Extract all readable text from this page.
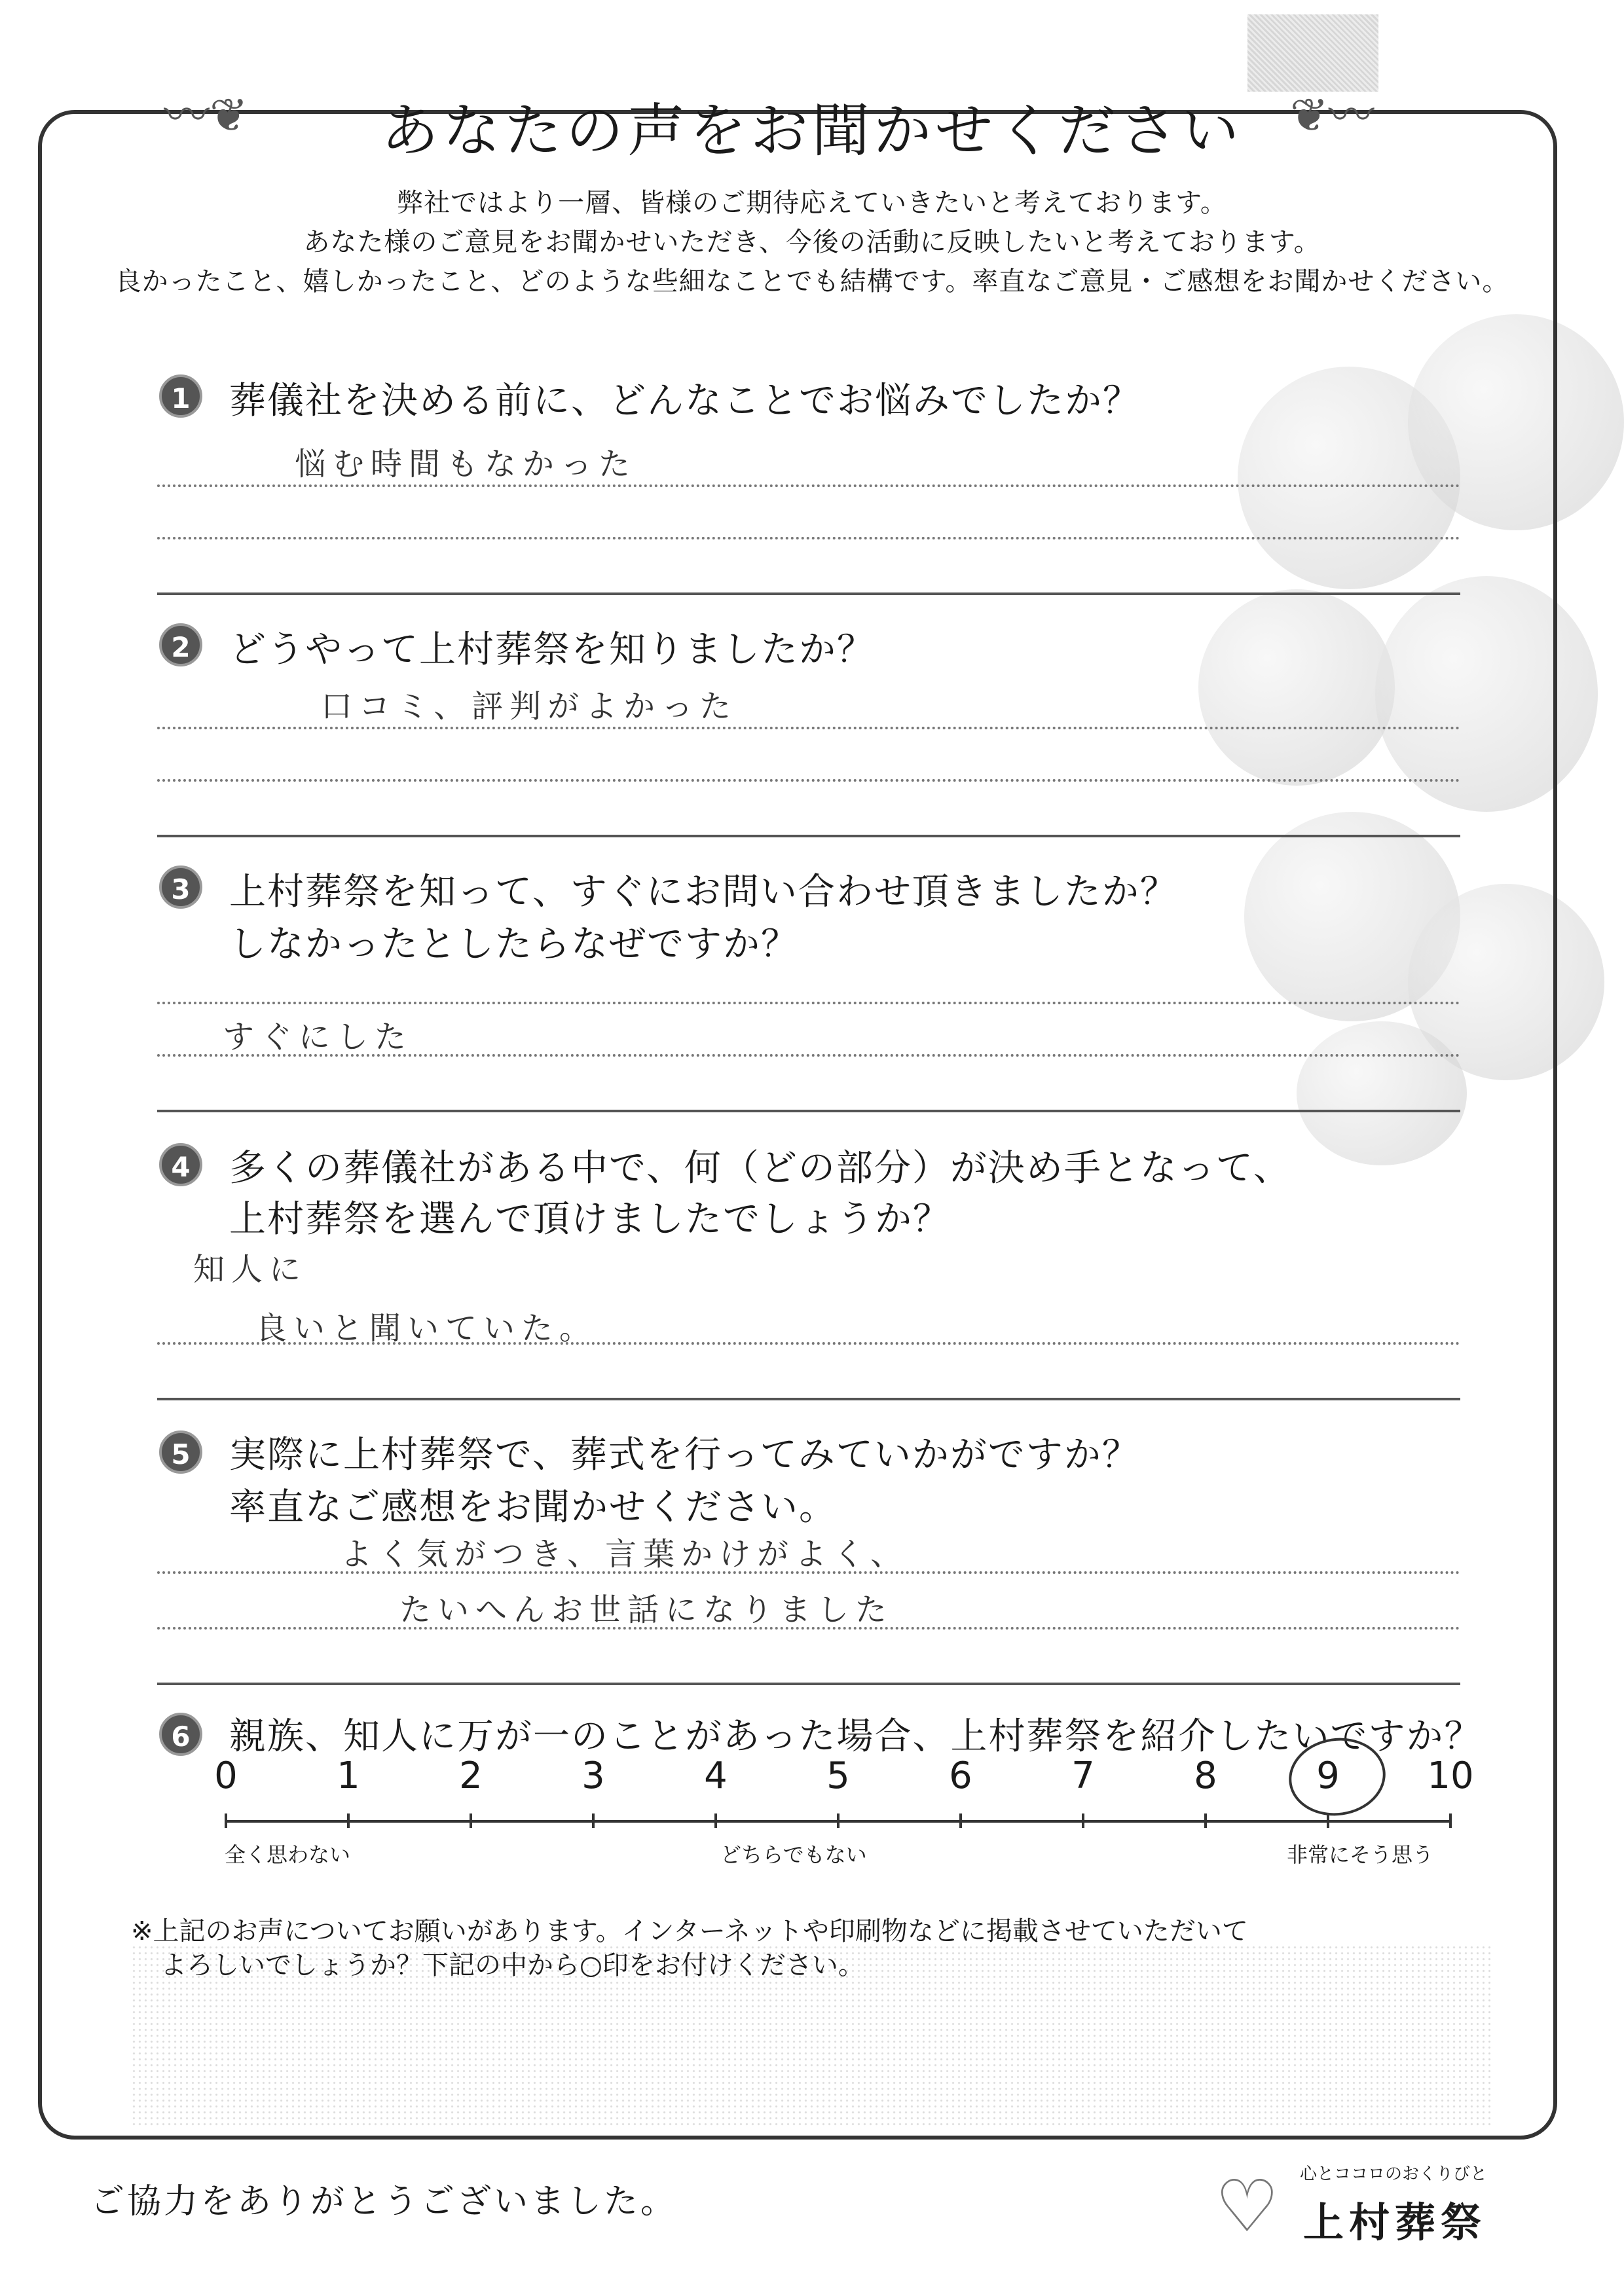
〰❦	❦〰
あなたの声をお聞かせください
弊社ではより一層、皆様のご期待応えていきたいと考えております。
あなた様のご意見をお聞かせいただき、今後の活動に反映したいと考えております。
良かったこと、嬉しかったこと、どのような些細なことでも結構です。率直なご意見・ご感想をお聞かせください。
1	葬儀社を決める前に、どんなことでお悩みでしたか？
悩む時間もなかった
2	どうやって上村葬祭を知りましたか？
口コミ、評判がよかった
3	上村葬祭を知って、すぐにお問い合わせ頂きましたか？
しなかったとしたらなぜですか？
すぐにした
4	多くの葬儀社がある中で、何（どの部分）が決め手となって、
上村葬祭を選んで頂けましたでしょうか？
知人に
良いと聞いていた。
5	実際に上村葬祭で、葬式を行ってみていかがですか？
率直なご感想をお聞かせください。
よく気がつき、言葉かけがよく、
たいへんお世話になりました
6	親族、知人に万が一のことがあった場合、上村葬祭を紹介したいですか？
0	1	2	3	4	5	6	7	8	9	10
全く思わない	どちらでもない	非常にそう思う
※上記のお声についてお願いがあります。インターネットや印刷物などに掲載させていただいて
よろしいでしょうか？下記の中から○印をお付けください。
ご協力をありがとうございました。	♡ 心とココロのおくりびと
上村葬祭
